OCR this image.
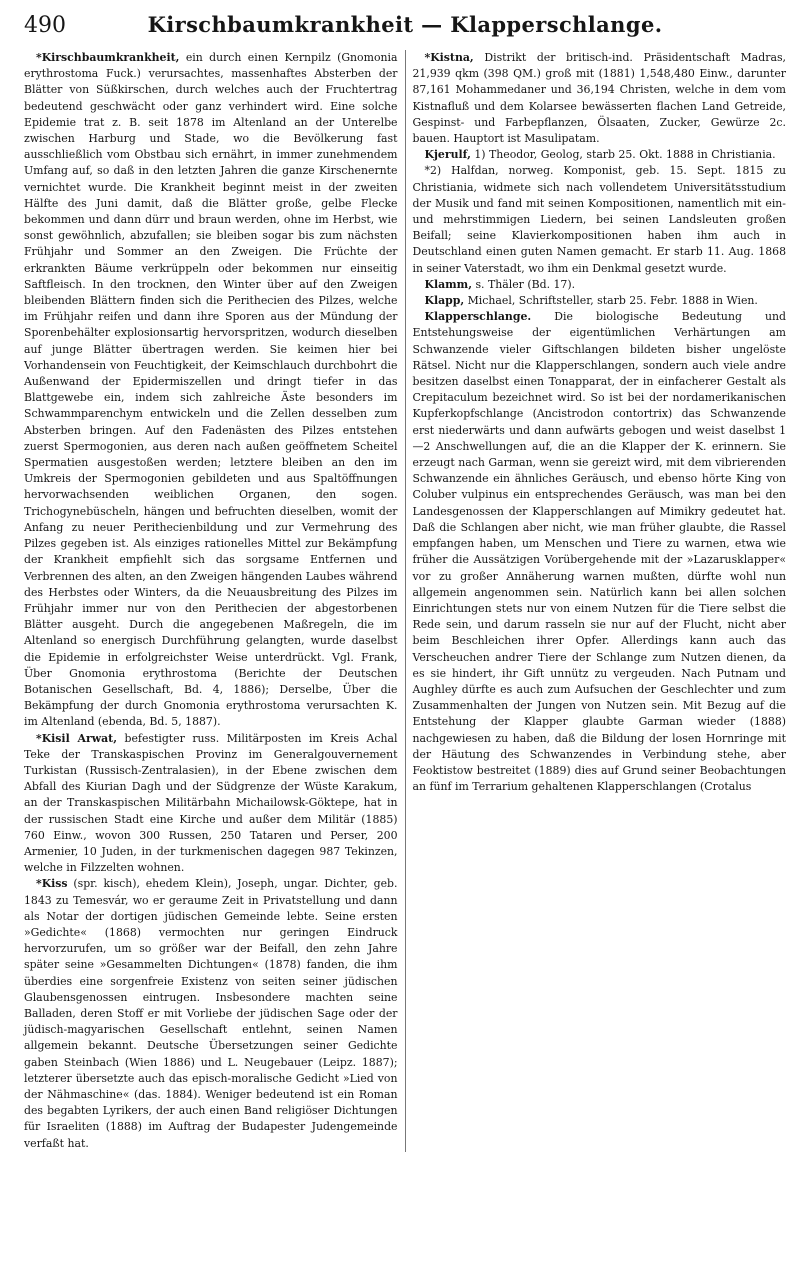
490	Kirschbaumkrankheit — Klapperschlange.

*Kirschbaumkrankheit, ein durch einen Kernpilz (Gnomonia erythrostoma Fuck.) verursachtes, massenhaftes Absterben der Blätter von Süßkirschen, durch welches auch der Fruchtertrag bedeutend geschwächt oder ganz verhindert wird. Eine solche Epidemie trat z. B. seit 1878 im Altenland an der Unterelbe zwischen Harburg und Stade, wo die Bevölkerung fast ausschließlich vom Obstbau sich ernährt, in immer zunehmendem Umfang auf, so daß in den letzten Jahren die ganze Kirschenernte vernichtet wurde. Die Krankheit beginnt meist in der zweiten Hälfte des Juni damit, daß die Blätter große, gelbe Flecke bekommen und dann dürr und braun werden, ohne im Herbst, wie sonst gewöhnlich, abzufallen; sie bleiben sogar bis zum nächsten Frühjahr und Sommer an den Zweigen. Die Früchte der erkrankten Bäume verkrüppeln oder bekommen nur einseitig Saftfleisch. In den trocknen, den Winter über auf den Zweigen bleibenden Blättern finden sich die Perithecien des Pilzes, welche im Frühjahr reifen und dann ihre Sporen aus der Mündung der Sporenbehälter explosionsartig hervorspritzen, wodurch dieselben auf junge Blätter übertragen werden. Sie keimen hier bei Vorhandensein von Feuchtigkeit, der Keimschlauch durchbohrt die Außenwand der Epidermiszellen und dringt tiefer in das Blattgewebe ein, indem sich zahlreiche Äste besonders im Schwammparenchym entwickeln und die Zellen desselben zum Absterben bringen. Auf den Fadenästen des Pilzes entstehen zuerst Spermogonien, aus deren nach außen geöffnetem Scheitel Spermatien ausgestoßen werden; letztere bleiben an den im Umkreis der Spermogonien gebildeten und aus Spaltöffnungen hervorwachsenden weiblichen Organen, den sogen. Trichogynebüscheln, hängen und befruchten dieselben, womit der Anfang zu neuer Perithecienbildung und zur Vermehrung des Pilzes gegeben ist. Als einziges rationelles Mittel zur Bekämpfung der Krankheit empfiehlt sich das sorgsame Entfernen und Verbrennen des alten, an den Zweigen hängenden Laubes während des Herbstes oder Winters, da die Neuausbreitung des Pilzes im Frühjahr immer nur von den Perithecien der abgestorbenen Blätter ausgeht. Durch die angegebenen Maßregeln, die im Altenland so energisch Durchführung gelangten, wurde daselbst die Epidemie in erfolgreichster Weise unterdrückt. Vgl. Frank, Über Gnomonia erythrostoma (Berichte der Deutschen Botanischen Gesellschaft, Bd. 4, 1886); Derselbe, Über die Bekämpfung der durch Gnomonia erythrostoma verursachten K. im Altenland (ebenda, Bd. 5, 1887).

*Kisil Arwat, befestigter russ. Militärposten im Kreis Achal Teke der Transkaspischen Provinz im Generalgouvernement Turkistan (Russisch-Zentralasien), in der Ebene zwischen dem Abfall des Kiurian Dagh und der Südgrenze der Wüste Karakum, an der Transkaspischen Militärbahn Michailowsk-Göktepe, hat in der russischen Stadt eine Kirche und außer dem Militär (1885) 760 Einw., wovon 300 Russen, 250 Tataren und Perser, 200 Armenier, 10 Juden, in der turkmenischen dagegen 987 Tekinzen, welche in Filzzelten wohnen.

*Kiss (spr. kisch), ehedem Klein), Joseph, ungar. Dichter, geb. 1843 zu Temesvár, wo er geraume Zeit in Privatstellung und dann als Notar der dortigen jüdischen Gemeinde lebte. Seine ersten »Gedichte« (1868) vermochten nur geringen Eindruck hervorzurufen, um so größer war der Beifall, den zehn Jahre später seine »Gesammelten Dichtungen« (1878) fanden, die ihm überdies eine sorgenfreie Existenz von seiten seiner jüdischen Glaubensgenossen eintrugen. Insbesondere machten seine Balladen, deren Stoff er mit Vorliebe der jüdischen Sage oder der jüdisch-magyarischen Gesellschaft entlehnt, seinen Namen allgemein bekannt. Deutsche Übersetzungen seiner Gedichte gaben Steinbach (Wien 1886) und L. Neugebauer (Leipz. 1887); letzterer übersetzte auch das episch-moralische Gedicht »Lied von der Nähmaschine« (das. 1884). Weniger bedeutend ist ein Roman des begabten Lyrikers, der auch einen Band religiöser Dichtungen für Israeliten (1888) im Auftrag der Budapester Judengemeinde verfaßt hat.

*Kistna, Distrikt der britisch-ind. Präsidentschaft Madras, 21,939 qkm (398 QM.) groß mit (1881) 1,548,480 Einw., darunter 87,161 Mohammedaner und 36,194 Christen, welche in dem vom Kistnafluß und dem Kolarsee bewässerten flachen Land Getreide, Gespinst- und Farbepflanzen, Ölsaaten, Zucker, Gewürze 2c. bauen. Hauptort ist Masulipatam.

Kjerulf, 1) Theodor, Geolog, starb 25. Okt. 1888 in Christiania.

*2) Halfdan, norweg. Komponist, geb. 15. Sept. 1815 zu Christiania, widmete sich nach vollendetem Universitätsstudium der Musik und fand mit seinen Kompositionen, namentlich mit ein- und mehrstimmigen Liedern, bei seinen Landsleuten großen Beifall; seine Klavierkompositionen haben ihm auch in Deutschland einen guten Namen gemacht. Er starb 11. Aug. 1868 in seiner Vaterstadt, wo ihm ein Denkmal gesetzt wurde.

Klamm, s. Thäler (Bd. 17).

Klapp, Michael, Schriftsteller, starb 25. Febr. 1888 in Wien.

Klapperschlange. Die biologische Bedeutung und Entstehungsweise der eigentümlichen Verhärtungen am Schwanzende vieler Giftschlangen bildeten bisher ungelöste Rätsel. Nicht nur die Klapperschlangen, sondern auch viele andre besitzen daselbst einen Tonapparat, der in einfacherer Gestalt als Crepitaculum bezeichnet wird. So ist bei der nordamerikanischen Kupferkopfschlange (Ancistrodon contortrix) das Schwanzende erst niederwärts und dann aufwärts gebogen und weist daselbst 1—2 Anschwellungen auf, die an die Klapper der K. erinnern. Sie erzeugt nach Garman, wenn sie gereizt wird, mit dem vibrierenden Schwanzende ein ähnliches Geräusch, und ebenso hörte King von Coluber vulpinus ein entsprechendes Geräusch, was man bei den Landesgenossen der Klapperschlangen auf Mimikry gedeutet hat. Daß die Schlangen aber nicht, wie man früher glaubte, die Rassel empfangen haben, um Menschen und Tiere zu warnen, etwa wie früher die Aussätzigen Vorübergehende mit der »Lazarusklapper« vor zu großer Annäherung warnen mußten, dürfte wohl nun allgemein angenommen sein. Natürlich kann bei allen solchen Einrichtungen stets nur von einem Nutzen für die Tiere selbst die Rede sein, und darum rasseln sie nur auf der Flucht, nicht aber beim Beschleichen ihrer Opfer. Allerdings kann auch das Verscheuchen andrer Tiere der Schlange zum Nutzen dienen, da es sie hindert, ihr Gift unnütz zu vergeuden. Nach Putnam und Aughley dürfte es auch zum Aufsuchen der Geschlechter und zum Zusammenhalten der Jungen von Nutzen sein. Mit Bezug auf die Entstehung der Klapper glaubte Garman wieder (1888) nachgewiesen zu haben, daß die Bildung der losen Hornringe mit der Häutung des Schwanzendes in Verbindung stehe, aber Feoktistow bestreitet (1889) dies auf Grund seiner Beobachtungen an fünf im Terrarium gehaltenen Klapperschlangen (Crotalus
